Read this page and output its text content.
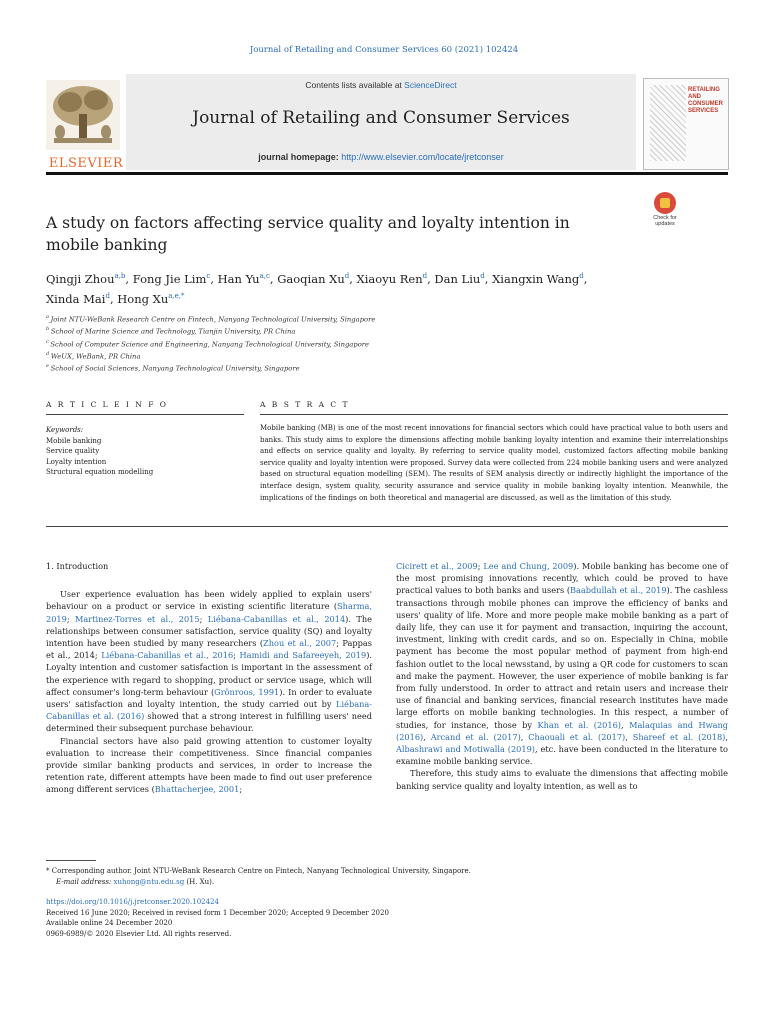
Journal of Retailing and Consumer Services 60 (2021) 102424
ELSEVIER
Contents lists available at ScienceDirect
Journal of Retailing and Consumer Services
journal homepage: http://www.elsevier.com/locate/jretconser
RETAILING AND CONSUMER SERVICES
A study on factors affecting service quality and loyalty intention in mobile banking
Check for updates
Qingji Zhou$^{a,b}$, Fong Jie Lim$^c$, Han Yu$^{a,c}$, Gaoqian Xu$^d$, Xiaoyu Ren$^d$, Dan Liu$^d$, Xiangxin Wang$^d$, Xinda Mai$^d$, Hong $Xu^{a,e,*}$
$^a$ Joint NTU-WeBank Research Centre on Fintech, Nanyang Technological University, Singapore
$^b$ School of Marine Science and Technology, Tianjin University, PR China
$^c$ School of Computer Science and Engineering, Nanyang Technological University, Singapore
$^d$ WeUX, WeBank, PR China
$^e$ School of Social Sciences, Nanyang Technological University, Singapore
A R T I C L E I N F O	A B S T R A C T
Keywords:
Mobile banking
Service quality
Loyalty intention
Structural equation modelling
Mobile banking (MB) is one of the most recent innovations for financial sectors which could have practical value to both users and banks. This study aims to explore the dimensions affecting mobile banking loyalty intention and examine their interrelationships and effects on service quality and loyalty. By referring to service quality model, customized factors affecting mobile banking service quality and loyalty intention were proposed. Survey data were collected from 224 mobile banking users and were analyzed based on structural equation modelling (SEM). The results of SEM analysis directly or indirectly highlight the importance of the interface design, system quality, security assurance and service quality in mobile banking loyalty intention. Meanwhile, the implications of the findings on both theoretical and managerial are discussed, as well as the limitation of this study.
1. Introduction

User experience evaluation has been widely applied to explain users' behaviour on a product or service in existing scientific literature (Sharma, 2019; Martinez-Torres et al., 2015; Liébana-Cabanillas et al., 2014). The relationships between consumer satisfaction, service quality (SQ) and loyalty intention have been studied by many researchers (Zhou et al., 2007; Pappas et al., 2014; Liébana-Cabanillas et al., 2016; Hamidi and Safareeyeh, 2019). Loyalty intention and customer satisfaction is important in the assessment of the experience with regard to shopping, product or service usage, which will affect consumer's long-term behaviour (Grönroos, 1991). In order to evaluate users' satisfaction and loyalty intention, the study carried out by Liébana-Cabanillas et al. (2016) showed that a strong interest in fulfilling users' need determined their subsequent purchase behaviour.

Financial sectors have also paid growing attention to customer loyalty evaluation to increase their competitiveness. Since financial companies provide similar banking products and services, in order to increase the retention rate, different attempts have been made to find out user preference among different services (Bhattacherjee, 2001;

Cicirett et al., 2009; Lee and Chung, 2009). Mobile banking has become one of the most promising innovations recently, which could be proved to have practical values to both banks and users (Baabdullah et al., 2019). The cashless transactions through mobile phones can improve the efficiency of banks and users' quality of life. More and more people make mobile banking as a part of daily life, they can use it for payment and transaction, inquiring the account, investment, linking with credit cards, and so on. Especially in China, mobile payment has become the most popular method of payment from high-end fashion outlet to the local newsstand, by using a QR code for customers to scan and make the payment. However, the user experience of mobile banking is far from fully understood. In order to attract and retain users and increase their use of financial and banking services, financial research institutes have made large efforts on mobile banking technologies. In this respect, a number of studies, for instance, those by Khan et al. (2016), Malaquias and Hwang (2016), Arcand et al. (2017), Chaouali et al. (2017), Shareef et al. (2018), Albashrawi and Motiwalla (2019), etc. have been conducted in the literature to examine mobile banking service.

Therefore, this study aims to evaluate the dimensions that affecting mobile banking service quality and loyalty intention, as well as to

* Corresponding author. Joint NTU-WeBank Research Centre on Fintech, Nanyang Technological University, Singapore.
E-mail address: xuhong@ntu.edu.sg (H. Xu).
https://doi.org/10.1016/j.jretconser.2020.102424
Received 16 June 2020; Received in revised form 1 December 2020; Accepted 9 December 2020
Available online 24 December 2020
0969-6989/© 2020 Elsevier Ltd. All rights reserved.
